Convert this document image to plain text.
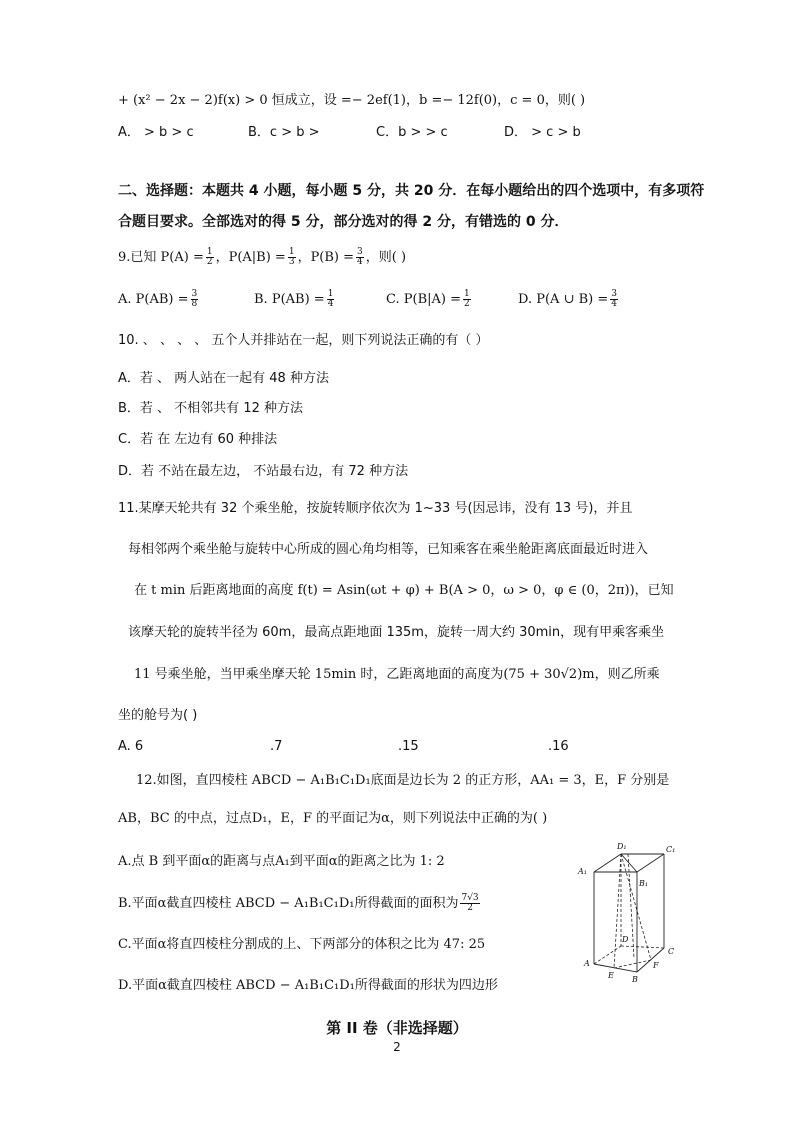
+ (x² − 2x − 2)f(x) > 0 恒成立，设 =− 2ef(1)，b =− 12f(0)，c = 0，则( )
A． > b > c	B．c > b >	C．b > > c	D． > c > b
二、选择题：本题共 4 小题，每小题 5 分，共 20 分．在每小题给出的四个选项中，有多项符
合题目要求。全部选对的得 5 分，部分选对的得 2 分，有错选的 0 分．
9.已知 $P(A) = \frac{1}{2}$ ，$P(A|B) = \frac{1}{3}$ ，$P(B) = \frac{3}{4}$ ，则( )
A. $P(AB) = \frac{3}{8}$	B. $P(AB) = \frac{1}{4}$	C. $P(B|A) = \frac{1}{2}$	D. P(A ∪ $B) = \frac{3}{4}$
10. 、 、 、 、 五个人并排站在一起，则下列说法正确的有（ ）
A．若 、 两人站在一起有 48 种方法
B．若 、 不相邻共有 12 种方法
C．若 在 左边有 60 种排法
D．若 不站在最左边， 不站最右边，有 72 种方法
11.某摩天轮共有 32 个乘坐舱，按旋转顺序依次为 1~33 号(因忌讳，没有 13 号)，并且
每相邻两个乘坐舱与旋转中心所成的圆心角均相等，已知乘客在乘坐舱距离底面最近时进入
在 t min 后距离地面的高度 f(t) = Asin(ωt + φ) + B(A > 0，ω > 0，φ ∈ (0，2π))，已知
该摩天轮的旋转半径为 60m，最高点距地面 135m，旋转一周大约 30min，现有甲乘客乘坐
11 号乘坐舱，当甲乘坐摩天轮 15min 时，乙距离地面的高度为(75 + 30√2)m，则乙所乘
坐的舱号为( )
A. 6	.7	.15	.16
12.如图，直四棱柱 ABCD − A₁B₁C₁D₁底面是边长为 2 的正方形，AA₁ = 3，E，F 分别是
AB，BC 的中点，过点D₁，E，F 的平面记为α，则下列说法中正确的为( )
A.点 B 到平面α的距离与点A₁到平面α的距离之比为 1: 2
B.平面α截直四棱柱 ABCD − A₁B₁C₁D₁所得截面的面积为 $\frac{7√3}{2}$
C.平面α将直四棱柱分割成的上、下两部分的体积之比为 47: 25
D.平面α截直四棱柱 ABCD − A₁B₁C₁D₁所得截面的形状为四边形
D₁	C₁
A₁
B₁
D
C
A
E B
F
第 II 卷（非选择题）
2
